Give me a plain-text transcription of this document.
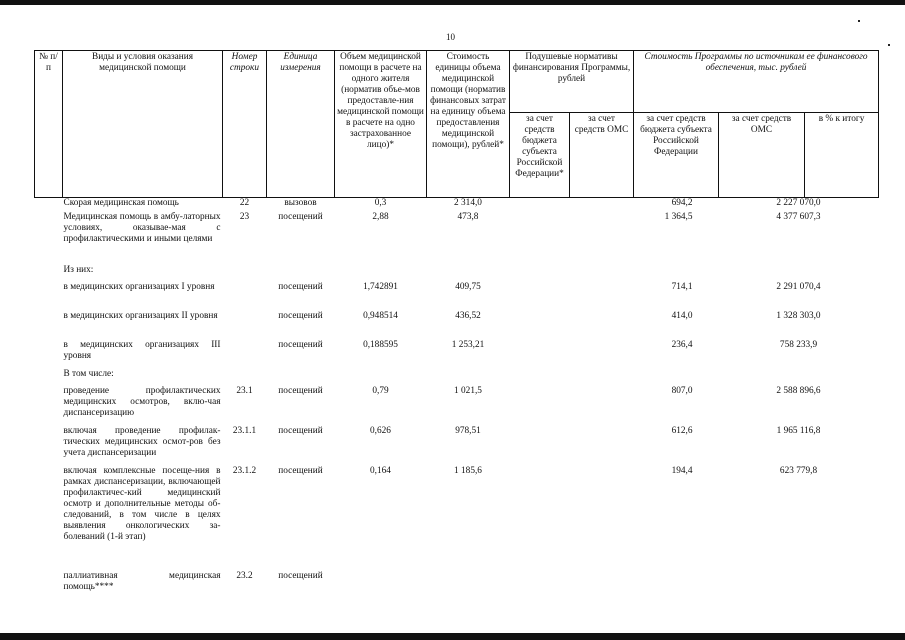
10
№ п/п	Виды и условия оказания медицинской помощи	Номер строки	Единица измерения	Объем медицинской помощи в расчете на одного жителя (норматив объе-мов предоставле-ния медицинской помощи в расчете на одно застрахованное лицо)*	Стоимость единицы объема медицинской помощи (норматив финансовых затрат на единицу объема предоставления медицинской помощи), рублей*	Подушевые нормативы финансирования Программы, рублей		Стоимость Программы по источникам ее финансового обеспечения, тыс. рублей			
						за счет средств бюджета субъекта Российской Федерации*	за счет средств ОМС	за счет средств бюджета субъекта Российской Федерации	за счет средств ОМС	в % к итогу	
	Скорая медицинская помощь	22	вызовов	0,3	2 314,0		694,2		2 227 070,0		
	Медицинская помощь в амбу-латорных условиях, оказывае-мая с профилактическими и иными целями	23	посещений	2,88	473,8		1 364,5		4 377 607,3		
	Из них:										
	в медицинских организациях I уровня		посещений	1,742891	409,75		714,1		2 291 070,4		
	в медицинских организациях II уровня		посещений	0,948514	436,52		414,0		1 328 303,0		
	в медицинских организациях III уровня		посещений	0,188595	1 253,21		236,4		758 233,9		
	В том числе:										
	проведение профилактических медицинских осмотров, вклю-чая диспансеризацию	23.1	посещений	0,79	1 021,5		807,0		2 588 896,6		
	включая проведение профилак-тических медицинских осмот-ров без учета диспансеризации	23.1.1	посещений	0,626	978,51		612,6		1 965 116,8		
	включая комплексные посеще-ния в рамках диспансеризации, включающей профилактичес-кий медицинский осмотр и дополнительные методы об-следований, в том числе в целях выявления онкологических за-болеваний (1-й этап)	23.1.2	посещений	0,164	1 185,6		194,4		623 779,8		
	паллиативная медицинская помощь****	23.2	посещений								
